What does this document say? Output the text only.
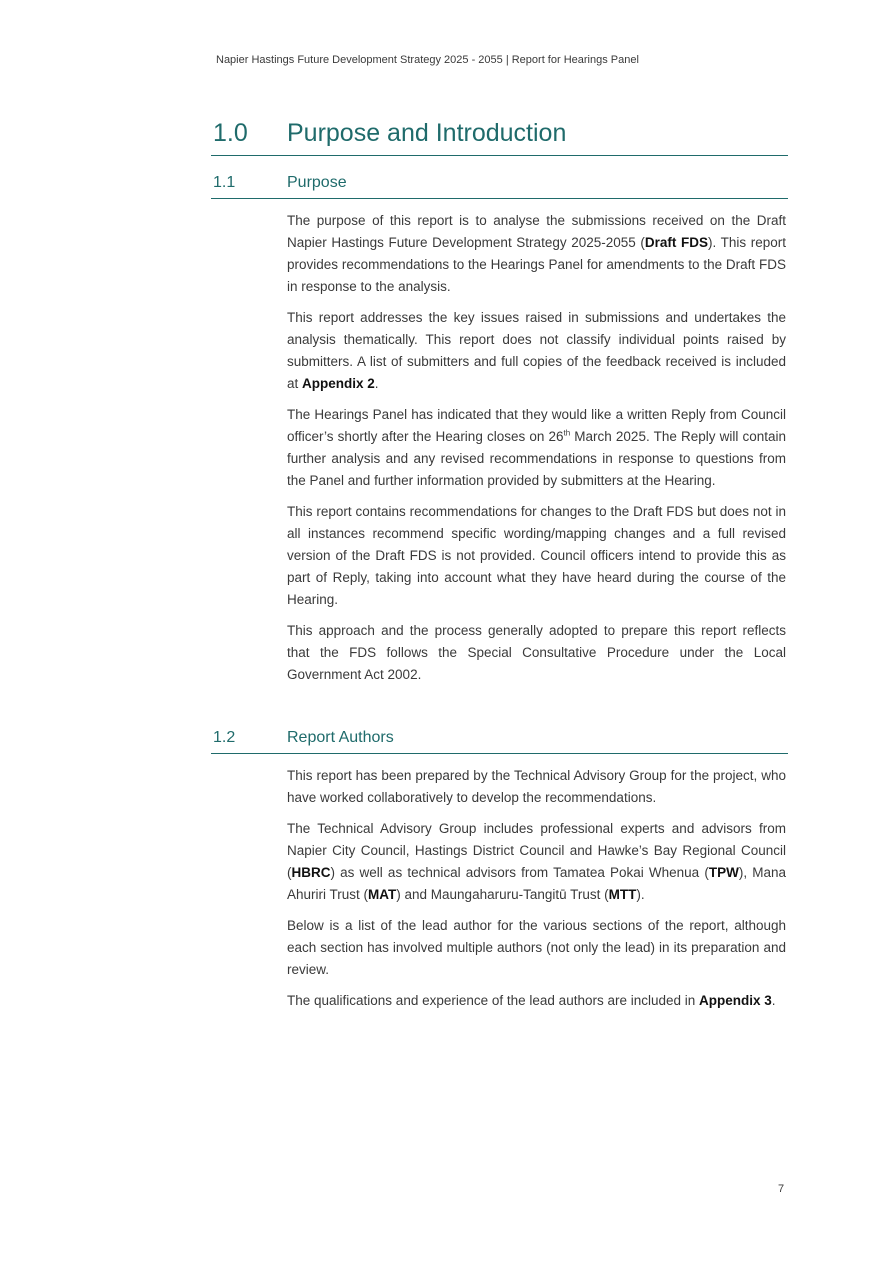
Napier Hastings Future Development Strategy 2025 - 2055 | Report for Hearings Panel
1.0 Purpose and Introduction
1.1	Purpose

The purpose of this report is to analyse the submissions received on the Draft Napier Hastings Future Development Strategy 2025-2055 (Draft FDS). This report provides recommendations to the Hearings Panel for amendments to the Draft FDS in response to the analysis.

This report addresses the key issues raised in submissions and undertakes the analysis thematically. This report does not classify individual points raised by submitters. A list of submitters and full copies of the feedback received is included at Appendix 2.

The Hearings Panel has indicated that they would like a written Reply from Council officer’s shortly after the Hearing closes on 26th March 2025. The Reply will contain further analysis and any revised recommendations in response to questions from the Panel and further information provided by submitters at the Hearing.

This report contains recommendations for changes to the Draft FDS but does not in all instances recommend specific wording/mapping changes and a full revised version of the Draft FDS is not provided. Council officers intend to provide this as part of Reply, taking into account what they have heard during the course of the Hearing.

This approach and the process generally adopted to prepare this report reflects that the FDS follows the Special Consultative Procedure under the Local Government Act 2002.

1.2	Report Authors

This report has been prepared by the Technical Advisory Group for the project, who have worked collaboratively to develop the recommendations.

The Technical Advisory Group includes professional experts and advisors from Napier City Council, Hastings District Council and Hawke’s Bay Regional Council (HBRC) as well as technical advisors from Tamatea Pokai Whenua (TPW), Mana Ahuriri Trust (MAT) and Maungaharuru-Tangitū Trust (MTT).

Below is a list of the lead author for the various sections of the report, although each section has involved multiple authors (not only the lead) in its preparation and review.

The qualifications and experience of the lead authors are included in Appendix 3.

7
